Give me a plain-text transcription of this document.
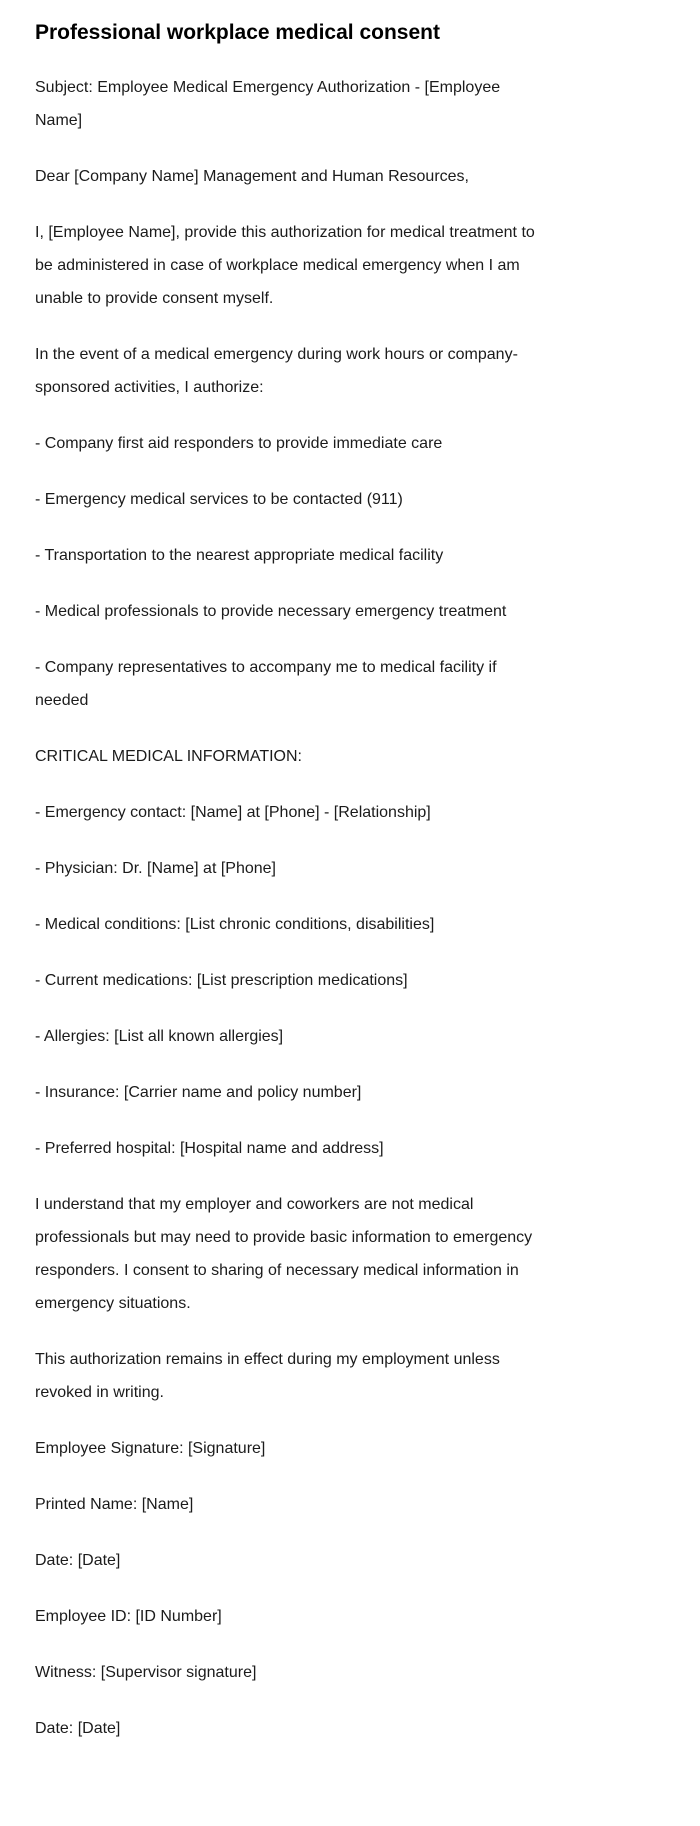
Professional workplace medical consent

Subject: Employee Medical Emergency Authorization - [Employee Name]

Dear [Company Name] Management and Human Resources,

I, [Employee Name], provide this authorization for medical treatment to be administered in case of workplace medical emergency when I am unable to provide consent myself.

In the event of a medical emergency during work hours or company-sponsored activities, I authorize:

- Company first aid responders to provide immediate care

- Emergency medical services to be contacted (911)

- Transportation to the nearest appropriate medical facility

- Medical professionals to provide necessary emergency treatment

- Company representatives to accompany me to medical facility if needed

CRITICAL MEDICAL INFORMATION:

- Emergency contact: [Name] at [Phone] - [Relationship]

- Physician: Dr. [Name] at [Phone]

- Medical conditions: [List chronic conditions, disabilities]

- Current medications: [List prescription medications]

- Allergies: [List all known allergies]

- Insurance: [Carrier name and policy number]

- Preferred hospital: [Hospital name and address]

I understand that my employer and coworkers are not medical professionals but may need to provide basic information to emergency responders. I consent to sharing of necessary medical information in emergency situations.

This authorization remains in effect during my employment unless revoked in writing.

Employee Signature: [Signature]

Printed Name: [Name]

Date: [Date]

Employee ID: [ID Number]

Witness: [Supervisor signature]

Date: [Date]
